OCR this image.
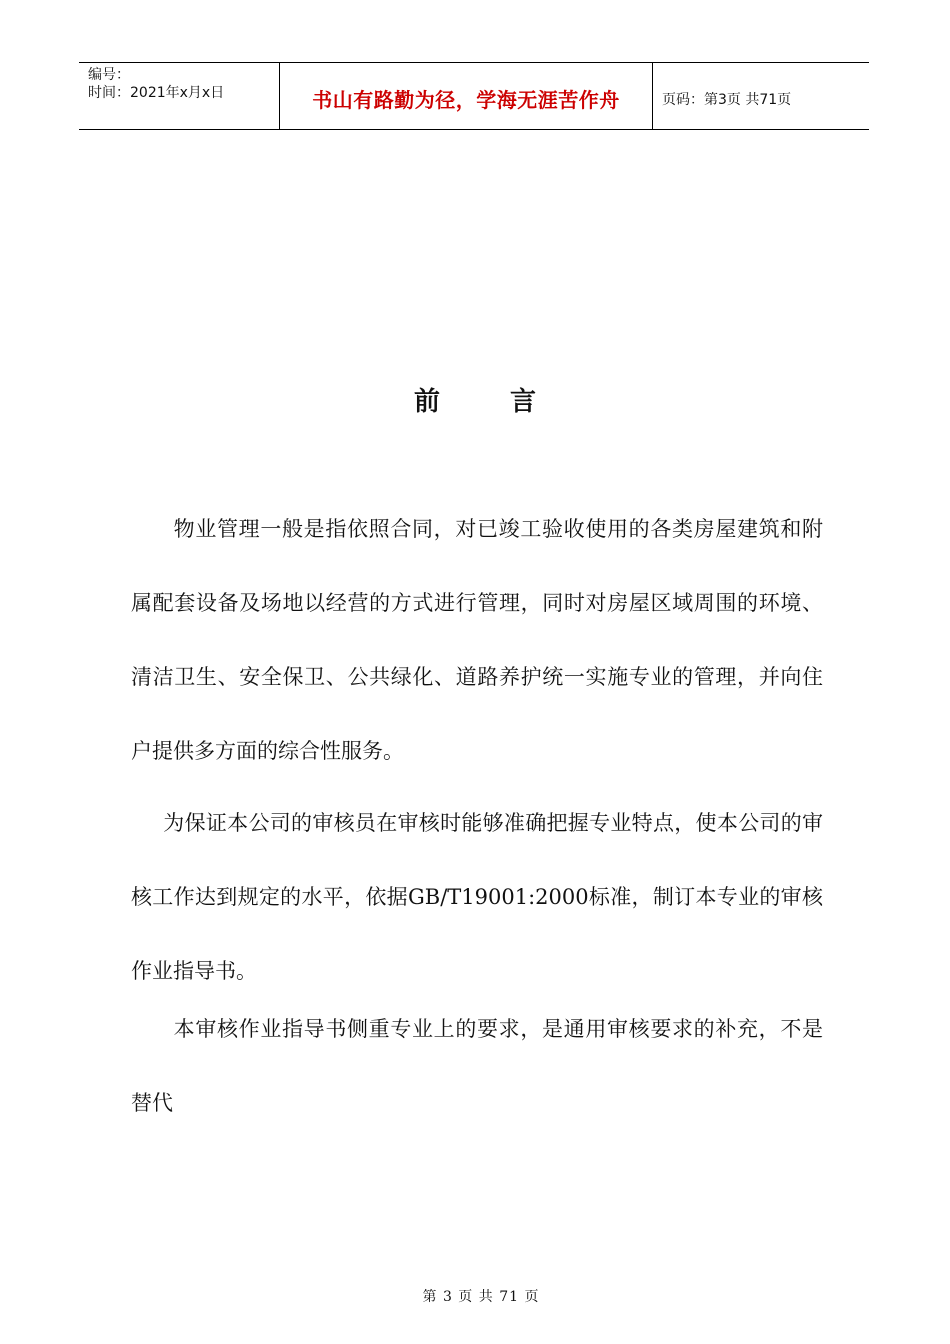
编号：
时间：2021年x月x日	书山有路勤为径，学海无涯苦作舟	页码：第3页 共71页
前言
物业管理一般是指依照合同，对已竣工验收使用的各类房屋建筑和附属配套设备及场地以经营的方式进行管理，同时对房屋区域周围的环境、清洁卫生、安全保卫、公共绿化、道路养护统一实施专业的管理，并向住户提供多方面的综合性服务。
为保证本公司的审核员在审核时能够准确把握专业特点，使本公司的审核工作达到规定的水平，依据GB/T19001:2000标准，制订本专业的审核作业指导书。
本审核作业指导书侧重专业上的要求，是通用审核要求的补充，不是替代
第 3 页 共 71 页
